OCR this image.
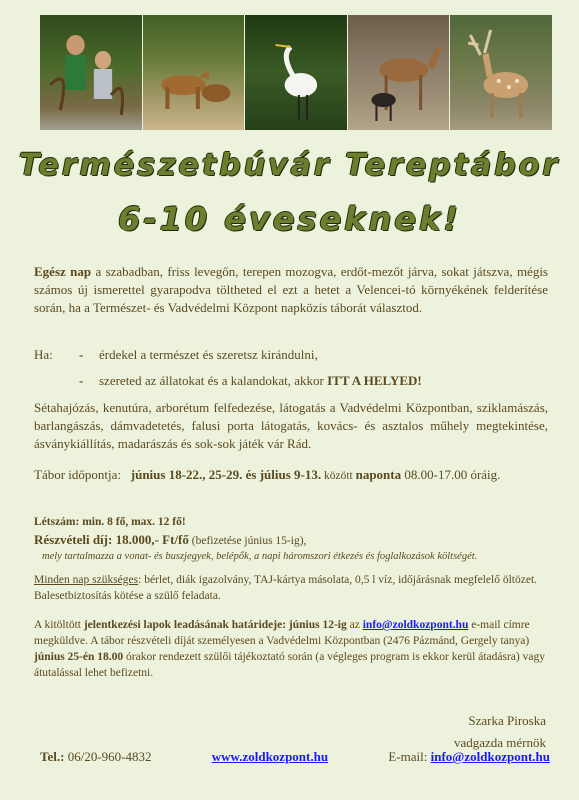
Természetbúvár Tereptábor
6-10 éveseknek!
Egész nap a szabadban, friss levegőn, terepen mozogva, erdőt-mezőt járva, sokat játszva, mégis számos új ismerettel gyarapodva töltheted el ezt a hetet a Velencei-tó környékének felderítése során, ha a Természet- és Vadvédelmi Központ napközis táborát választod.
Ha:	-	érdekel a természet és szeretsz kirándulni,
-	szereted az állatokat és a kalandokat, akkor
ITT A HELYED!
Sétahajózás, kenutúra, arborétum felfedezése, látogatás a Vadvédelmi Központban, sziklamászás, barlangászás, dámvadetetés, falusi porta látogatás, kovács- és asztalos műhely megtekintése, ásványkiállítás, madarászás és sok-sok játék vár Rád.
Tábor időpontja: június 18-22., 25-29. és július 9-13. között naponta 08.00-17.00 óráig.
Létszám: min. 8 fő, max. 12 fő!
Részvételi díj: 18.000,- Ft/fő (befizetése június 15-ig),
mely tartalmazza a vonat- és buszjegyek, belépők, a napi háromszori étkezés és foglalkozások költségét.
Minden nap szükséges: bérlet, diák igazolvány, TAJ-kártya másolata, 0,5 l víz, időjárásnak megfelelő öltözet. Balesetbiztosítás kötése a szülő feladata.
A kitöltött jelentkezési lapok leadásának határideje: június 12-ig az info@zoldkozpont.hu e-mail címre megküldve. A tábor részvételi díját személyesen a Vadvédelmi Központban (2476 Pázmánd, Gergely tanya) június 25-én 18.00 órakor rendezett szülői tájékoztató során (a végleges program is ekkor kerül átadásra) vagy átutalással lehet befizetni.
Szarka Piroska
vadgazda mérnök
Tel.: 06/20-960-4832	www.zoldkozpont.hu	E-mail: info@zoldkozpont.hu
